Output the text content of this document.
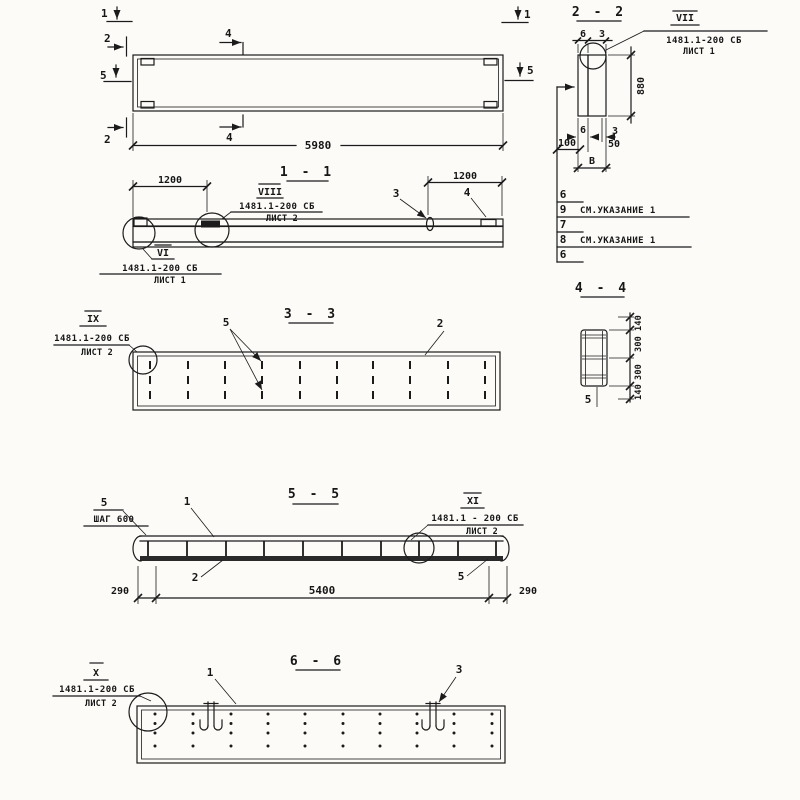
1
2
5
2
4
4
1
5
5980
1 - 1
1200	1200
3	4
VIII
1481.1-200 СБ
ЛИСТ 2
VI
1481.1-200 СБ
ЛИСТ 1
6
9 СМ.УКАЗАНИЕ 1
7
8 СМ.УКАЗАНИЕ 1
6
2 - 2	VII
1481.1-200 СБ
ЛИСТ 1
6 3
880
6	3
50
100
В
3 - 3
5	2
IX
1481.1-200 СБ
ЛИСТ 2
4 - 4
140
300
300
140
5
5 - 5
5
ШАГ 600
1
2
XI
1481.1 - 200 СБ
ЛИСТ 2
5
290	5400	290
6 - 6
1	3
X
1481.1-200 СБ
ЛИСТ 2
